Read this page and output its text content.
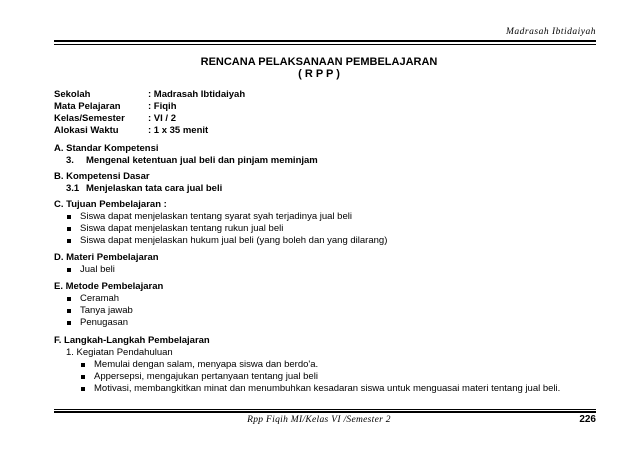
Madrasah Ibtidaiyah
RENCANA PELAKSANAAN PEMBELAJARAN
( R P P )
Sekolah	: Madrasah Ibtidaiyah
Mata Pelajaran	: Fiqih
Kelas/Semester	: VI / 2
Alokasi Waktu	: 1 x 35 menit
A. Standar Kompetensi
3. Mengenal ketentuan jual beli dan pinjam meminjam
B. Kompetensi Dasar
3.1 Menjelaskan tata cara jual beli
C. Tujuan Pembelajaran :
Siswa dapat menjelaskan tentang syarat syah terjadinya jual beli
Siswa dapat menjelaskan tentang rukun jual beli
Siswa dapat menjelaskan hukum jual beli (yang boleh dan yang dilarang)
D. Materi Pembelajaran
Jual beli
E. Metode Pembelajaran
Ceramah
Tanya jawab
Penugasan
F. Langkah-Langkah Pembelajaran
1. Kegiatan Pendahuluan
Memulai dengan salam, menyapa siswa dan berdo'a.
Appersepsi, mengajukan pertanyaan tentang jual beli
Motivasi, membangkitkan minat dan menumbuhkan kesadaran siswa untuk menguasai materi tentang jual beli.
Rpp Fiqih MI/Kelas VI /Semester 2	226
